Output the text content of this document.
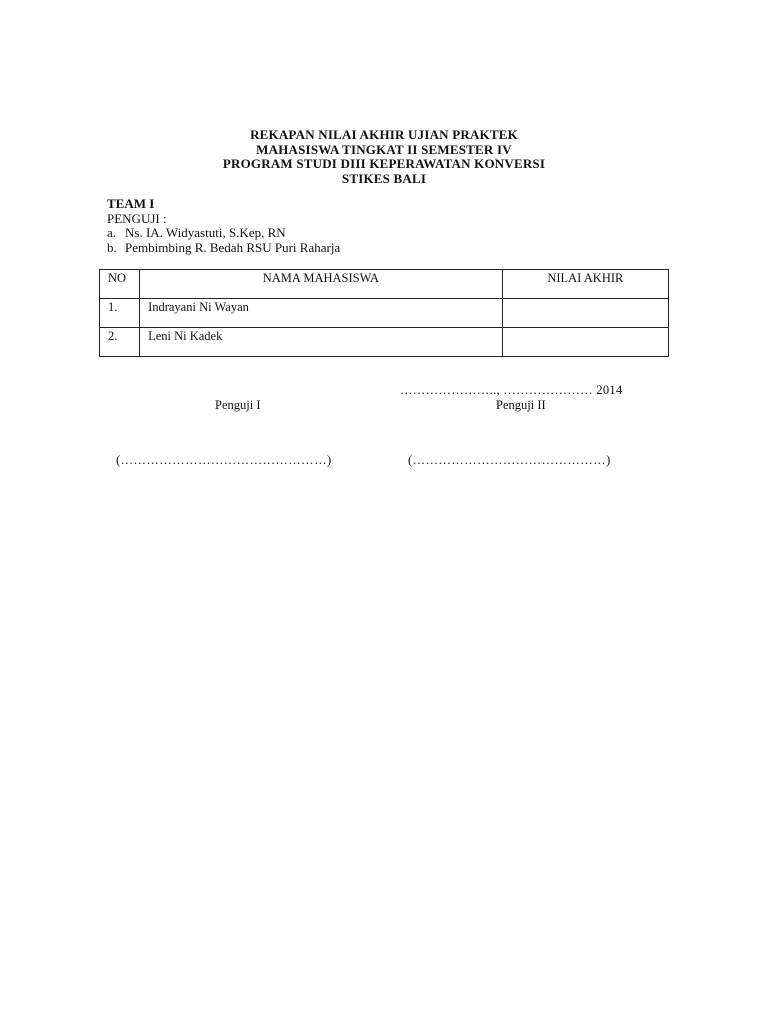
REKAPAN NILAI AKHIR UJIAN PRAKTEK
MAHASISWA TINGKAT II SEMESTER IV
PROGRAM STUDI DIII KEPERAWATAN KONVERSI
STIKES BALI
TEAM I
PENGUJI :
a. Ns. IA. Widyastuti, S.Kep, RN
b. Pembimbing R. Bedah RSU Puri Raharja
NO	NAMA MAHASISWA	NILAI AKHIR
1.	Indrayani Ni Wayan	
2.	Leni Ni Kadek	
………………….., ………………… 2014
Penguji I	Penguji II
(…………………………………………)	(………………………………………)
